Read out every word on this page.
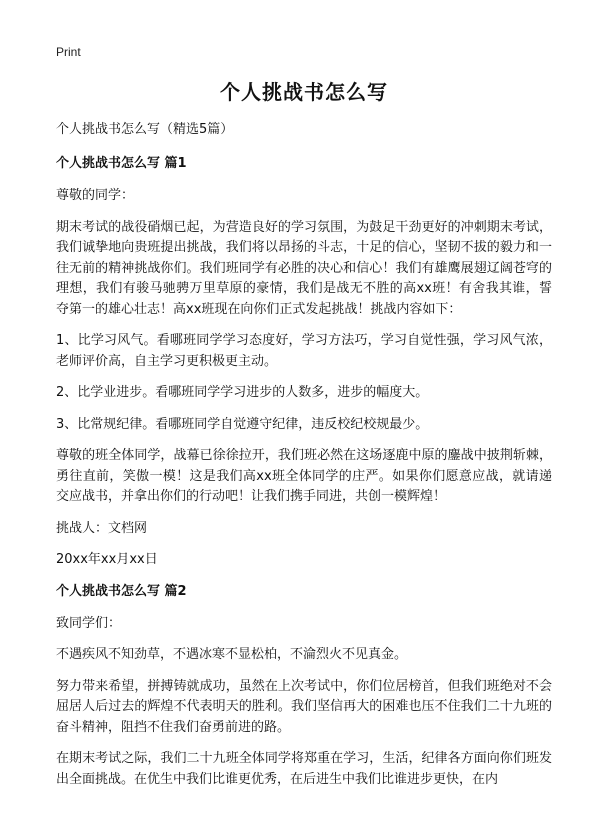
Print
个人挑战书怎么写
个人挑战书怎么写（精选5篇）
个人挑战书怎么写 篇1

尊敬的同学：

期末考试的战役硝烟已起，为营造良好的学习氛围，为鼓足干劲更好的冲刺期末考试，我们诚挚地向贵班提出挑战，我们将以昂扬的斗志，十足的信心，坚韧不拔的毅力和一往无前的精神挑战你们。我们班同学有必胜的决心和信心！我们有雄鹰展翅辽阔苍穹的理想，我们有骏马驰骋万里草原的豪情，我们是战无不胜的高xx班！有舍我其谁，誓夺第一的雄心壮志！高xx班现在向你们正式发起挑战！挑战内容如下：

1、比学习风气。看哪班同学学习态度好，学习方法巧，学习自觉性强，学习风气浓，老师评价高，自主学习更积极更主动。

2、比学业进步。看哪班同学学习进步的人数多，进步的幅度大。

3、比常规纪律。看哪班同学自觉遵守纪律，违反校纪校规最少。

尊敬的班全体同学，战幕已徐徐拉开，我们班必然在这场逐鹿中原的鏖战中披荆斩棘，勇往直前，笑傲一模！这是我们高xx班全体同学的庄严。如果你们愿意应战，就请递交应战书，并拿出你们的行动吧！让我们携手同进，共创一模辉煌！

挑战人：文档网

20xx年xx月xx日

个人挑战书怎么写 篇2

致同学们：

不遇疾风不知劲草，不遇冰寒不显松柏，不淪烈火不见真金。

努力带来希望，拼搏铸就成功，虽然在上次考试中，你们位居榜首，但我们班绝对不会屈居人后过去的辉煌不代表明天的胜利。我们坚信再大的困难也压不住我们二十九班的奋斗精神，阻挡不住我们奋勇前进的路。

在期末考试之际，我们二十九班全体同学将郑重在学习，生活，纪律各方面向你们班发出全面挑战。在优生中我们比谁更优秀，在后进生中我们比谁进步更快，在内
